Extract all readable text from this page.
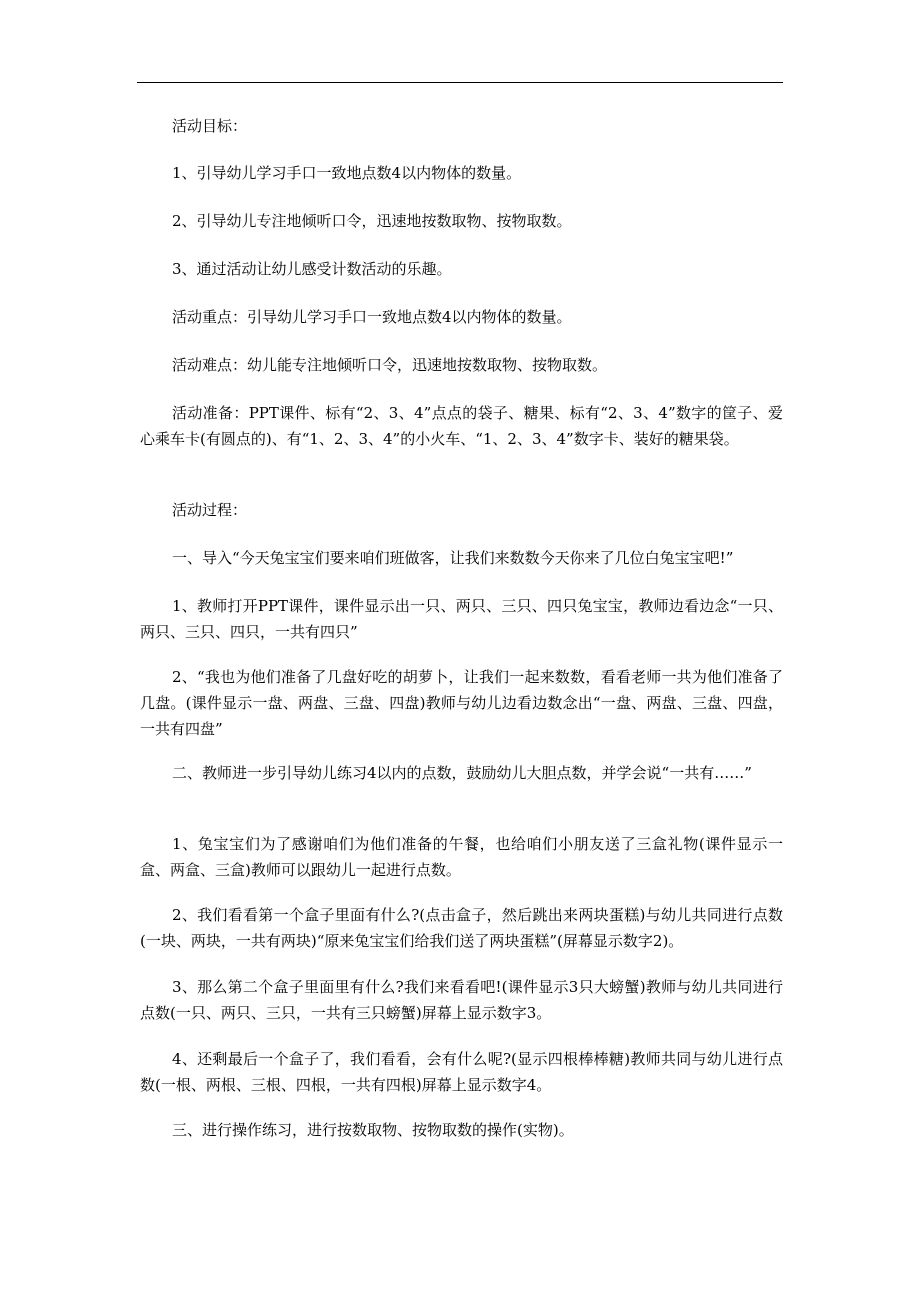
活动目标：

1、引导幼儿学习手口一致地点数4以内物体的数量。

2、引导幼儿专注地倾听口令，迅速地按数取物、按物取数。

3、通过活动让幼儿感受计数活动的乐趣。

活动重点：引导幼儿学习手口一致地点数4以内物体的数量。

活动难点：幼儿能专注地倾听口令，迅速地按数取物、按物取数。

活动准备：PPT课件、标有“2、3、4”点点的袋子、糖果、标有“2、3、4”数字的筐子、爱心乘车卡(有圆点的)、有“1、2、3、4”的小火车、“1、2、3、4”数字卡、装好的糖果袋。

活动过程：

一、导入“今天兔宝宝们要来咱们班做客，让我们来数数今天你来了几位白兔宝宝吧!”

1、教师打开PPT课件，课件显示出一只、两只、三只、四只兔宝宝，教师边看边念“一只、两只、三只、四只，一共有四只”

2、“我也为他们准备了几盘好吃的胡萝卜，让我们一起来数数，看看老师一共为他们准备了几盘。(课件显示一盘、两盘、三盘、四盘)教师与幼儿边看边数念出“一盘、两盘、三盘、四盘，一共有四盘”

二、教师进一步引导幼儿练习4以内的点数，鼓励幼儿大胆点数，并学会说“一共有……”

1、兔宝宝们为了感谢咱们为他们准备的午餐，也给咱们小朋友送了三盒礼物(课件显示一盒、两盒、三盒)教师可以跟幼儿一起进行点数。

2、我们看看第一个盒子里面有什么?(点击盒子，然后跳出来两块蛋糕)与幼儿共同进行点数(一块、两块，一共有两块)“原来兔宝宝们给我们送了两块蛋糕”(屏幕显示数字2)。

3、那么第二个盒子里面里有什么?我们来看看吧!(课件显示3只大螃蟹)教师与幼儿共同进行点数(一只、两只、三只，一共有三只螃蟹)屏幕上显示数字3。

4、还剩最后一个盒子了，我们看看，会有什么呢?(显示四根棒棒糖)教师共同与幼儿进行点数(一根、两根、三根、四根，一共有四根)屏幕上显示数字4。

三、进行操作练习，进行按数取物、按物取数的操作(实物)。
